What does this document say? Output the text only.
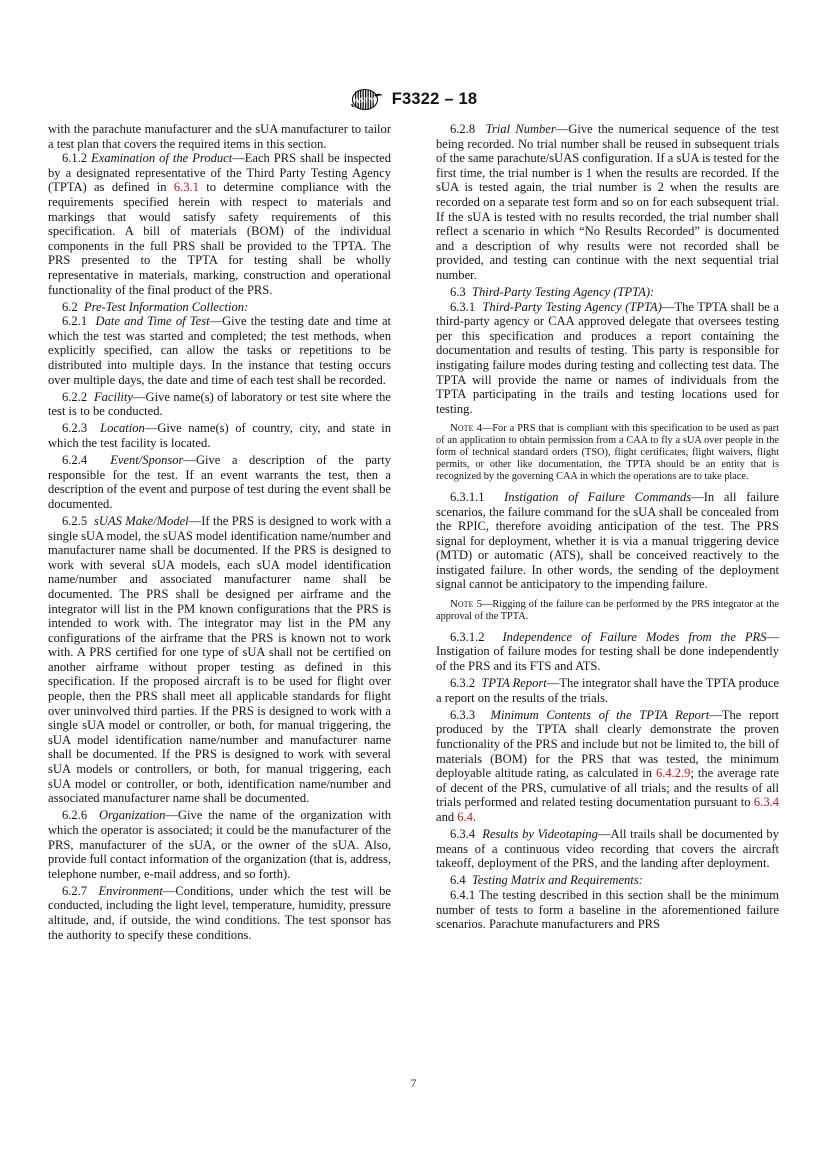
ASTM F3322 – 18

with the parachute manufacturer and the sUA manufacturer to tailor a test plan that covers the required items in this section.

6.1.2 Examination of the Product—Each PRS shall be inspected by a designated representative of the Third Party Testing Agency (TPTA) as defined in 6.3.1 to determine compliance with the requirements specified herein with respect to materials and markings that would satisfy safety requirements of this specification. A bill of materials (BOM) of the individual components in the full PRS shall be provided to the TPTA. The PRS presented to the TPTA for testing shall be wholly representative in materials, marking, construction and operational functionality of the final product of the PRS.

6.2 Pre-Test Information Collection:

6.2.1 Date and Time of Test—Give the testing date and time at which the test was started and completed; the test methods, when explicitly specified, can allow the tasks or repetitions to be distributed into multiple days. In the instance that testing occurs over multiple days, the date and time of each test shall be recorded.

6.2.2 Facility—Give name(s) of laboratory or test site where the test is to be conducted.

6.2.3 Location—Give name(s) of country, city, and state in which the test facility is located.

6.2.4 Event/Sponsor—Give a description of the party responsible for the test. If an event warrants the test, then a description of the event and purpose of test during the event shall be documented.

6.2.5 sUAS Make/Model—If the PRS is designed to work with a single sUA model, the sUAS model identification name/number and manufacturer name shall be documented. If the PRS is designed to work with several sUA models, each sUA model identification name/number and associated manufacturer name shall be documented. The PRS shall be designed per airframe and the integrator will list in the PM known configurations that the PRS is intended to work with. The integrator may list in the PM any configurations of the airframe that the PRS is known not to work with. A PRS certified for one type of sUA shall not be certified on another airframe without proper testing as defined in this specification. If the proposed aircraft is to be used for flight over people, then the PRS shall meet all applicable standards for flight over uninvolved third parties. If the PRS is designed to work with a single sUA model or controller, or both, for manual triggering, the sUA model identification name/number and manufacturer name shall be documented. If the PRS is designed to work with several sUA models or controllers, or both, for manual triggering, each sUA model or controller, or both, identification name/number and associated manufacturer name shall be documented.

6.2.6 Organization—Give the name of the organization with which the operator is associated; it could be the manufacturer of the PRS, manufacturer of the sUA, or the owner of the sUA. Also, provide full contact information of the organization (that is, address, telephone number, e-mail address, and so forth).

6.2.7 Environment—Conditions, under which the test will be conducted, including the light level, temperature, humidity, pressure altitude, and, if outside, the wind conditions. The test sponsor has the authority to specify these conditions.

6.2.8 Trial Number—Give the numerical sequence of the test being recorded. No trial number shall be reused in subsequent trials of the same parachute/sUAS configuration. If a sUA is tested for the first time, the trial number is 1 when the results are recorded. If the sUA is tested again, the trial number is 2 when the results are recorded on a separate test form and so on for each subsequent trial. If the sUA is tested with no results recorded, the trial number shall reflect a scenario in which “No Results Recorded” is documented and a description of why results were not recorded shall be provided, and testing can continue with the next sequential trial number.

6.3 Third-Party Testing Agency (TPTA):

6.3.1 Third-Party Testing Agency (TPTA)—The TPTA shall be a third-party agency or CAA approved delegate that oversees testing per this specification and produces a report containing the documentation and results of testing. This party is responsible for instigating failure modes during testing and collecting test data. The TPTA will provide the name or names of individuals from the TPTA participating in the trails and testing locations used for testing.

Note 4—For a PRS that is compliant with this specification to be used as part of an application to obtain permission from a CAA to fly a sUA over people in the form of technical standard orders (TSO), flight certificates, flight waivers, flight permits, or other like documentation, the TPTA should be an entity that is recognized by the governing CAA in which the operations are to take place.

6.3.1.1 Instigation of Failure Commands—In all failure scenarios, the failure command for the sUA shall be concealed from the RPIC, therefore avoiding anticipation of the test. The PRS signal for deployment, whether it is via a manual triggering device (MTD) or automatic (ATS), shall be conceived reactively to the instigated failure. In other words, the sending of the deployment signal cannot be anticipatory to the impending failure.

Note 5—Rigging of the failure can be performed by the PRS integrator at the approval of the TPTA.

6.3.1.2 Independence of Failure Modes from the PRS—Instigation of failure modes for testing shall be done independently of the PRS and its FTS and ATS.

6.3.2 TPTA Report—The integrator shall have the TPTA produce a report on the results of the trials.

6.3.3 Minimum Contents of the TPTA Report—The report produced by the TPTA shall clearly demonstrate the proven functionality of the PRS and include but not be limited to, the bill of materials (BOM) for the PRS that was tested, the minimum deployable altitude rating, as calculated in 6.4.2.9; the average rate of decent of the PRS, cumulative of all trials; and the results of all trials performed and related testing documentation pursuant to 6.3.4 and 6.4.

6.3.4 Results by Videotaping—All trails shall be documented by means of a continuous video recording that covers the aircraft takeoff, deployment of the PRS, and the landing after deployment.

6.4 Testing Matrix and Requirements:

6.4.1 The testing described in this section shall be the minimum number of tests to form a baseline in the aforementioned failure scenarios. Parachute manufacturers and PRS

7
